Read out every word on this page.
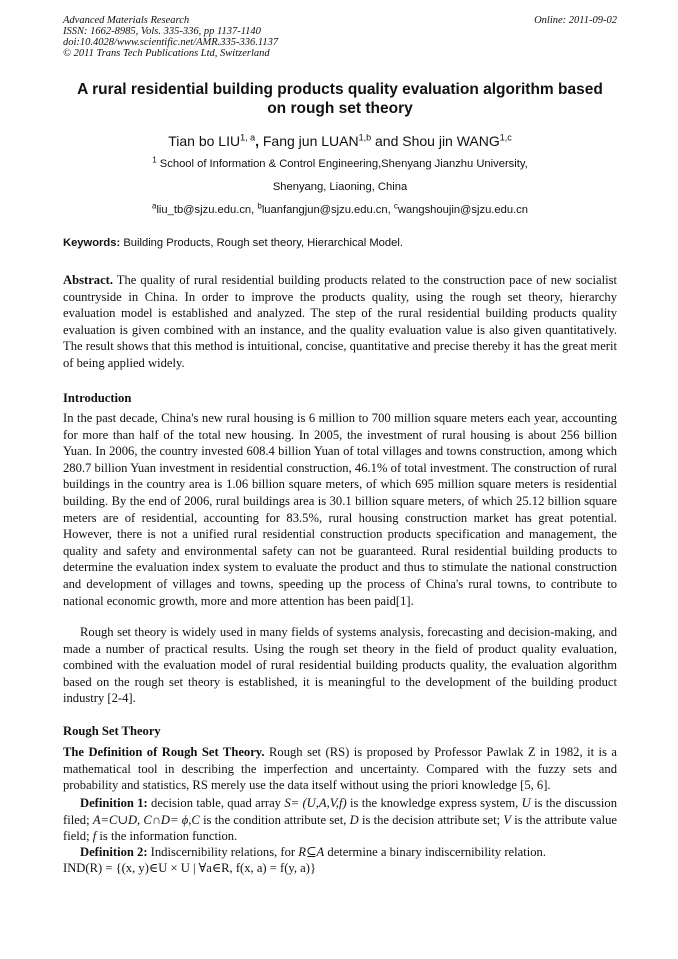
Advanced Materials Research
ISSN: 1662-8985, Vols. 335-336, pp 1137-1140
doi:10.4028/www.scientific.net/AMR.335-336.1137
© 2011 Trans Tech Publications Ltd, Switzerland
Online: 2011-09-02
A rural residential building products quality evaluation algorithm based
on rough set theory
Tian bo LIU$^{1, a}$, Fang jun LUAN$^{1,b}$ and Shou jin WANG$^{1,c}$
$^1$ School of Information & Control Engineering,Shenyang Jianzhu University,
Shenyang, Liaoning, China
$^a$liu_tb@sjzu.edu.cn, $^b$luanfangjun@sjzu.edu.cn, $^c$wangshoujin@sjzu.edu.cn
Keywords: Building Products, Rough set theory, Hierarchical Model.
Abstract. The quality of rural residential building products related to the construction pace of new socialist countryside in China. In order to improve the products quality, using the rough set theory, hierarchy evaluation model is established and analyzed. The step of the rural residential building products quality evaluation is given combined with an instance, and the quality evaluation value is also given quantitatively. The result shows that this method is intuitional, concise, quantitative and precise thereby it has the great merit of being applied widely.
Introduction
In the past decade, China's new rural housing is 6 million to 700 million square meters each year, accounting for more than half of the total new housing. In 2005, the investment of rural housing is about 256 billion Yuan. In 2006, the country invested 608.4 billion Yuan of total villages and towns construction, among which 280.7 billion Yuan investment in residential construction, 46.1% of total investment. The construction of rural buildings in the country area is 1.06 billion square meters, of which 695 million square meters is residential building. By the end of 2006, rural buildings area is 30.1 billion square meters, of which 25.12 billion square meters are of residential, accounting for 83.5%, rural housing construction market has great potential. However, there is not a unified rural residential construction products specification and management, the quality and safety and environmental safety can not be guaranteed. Rural residential building products to determine the evaluation index system to evaluate the product and thus to stimulate the national construction and development of villages and towns, speeding up the process of China's rural towns, to contribute to national economic growth, more and more attention has been paid[1].
Rough set theory is widely used in many fields of systems analysis, forecasting and decision-making, and made a number of practical results. Using the rough set theory in the field of product quality evaluation, combined with the evaluation model of rural residential building products quality, the evaluation algorithm based on the rough set theory is established, it is meaningful to the development of the building product industry [2-4].
Rough Set Theory
The Definition of Rough Set Theory. Rough set (RS) is proposed by Professor Pawlak Z in 1982, it is a mathematical tool in describing the imperfection and uncertainty. Compared with the fuzzy sets and probability and statistics, RS merely use the data itself without using the priori knowledge [5, 6].
Definition 1: decision table, quad array S= (U,A,V,f) is the knowledge express system, U is the discussion filed; A=C∪D, C∩D= ϕ,C is the condition attribute set, D is the decision attribute set; V is the attribute value field; f is the information function.
Definition 2: Indiscernibility relations, for R⊆A determine a binary indiscernibility relation.
IND(R) = {(x, y)∈U × U | ∀a∈R, f(x, a) = f(y, a)}
